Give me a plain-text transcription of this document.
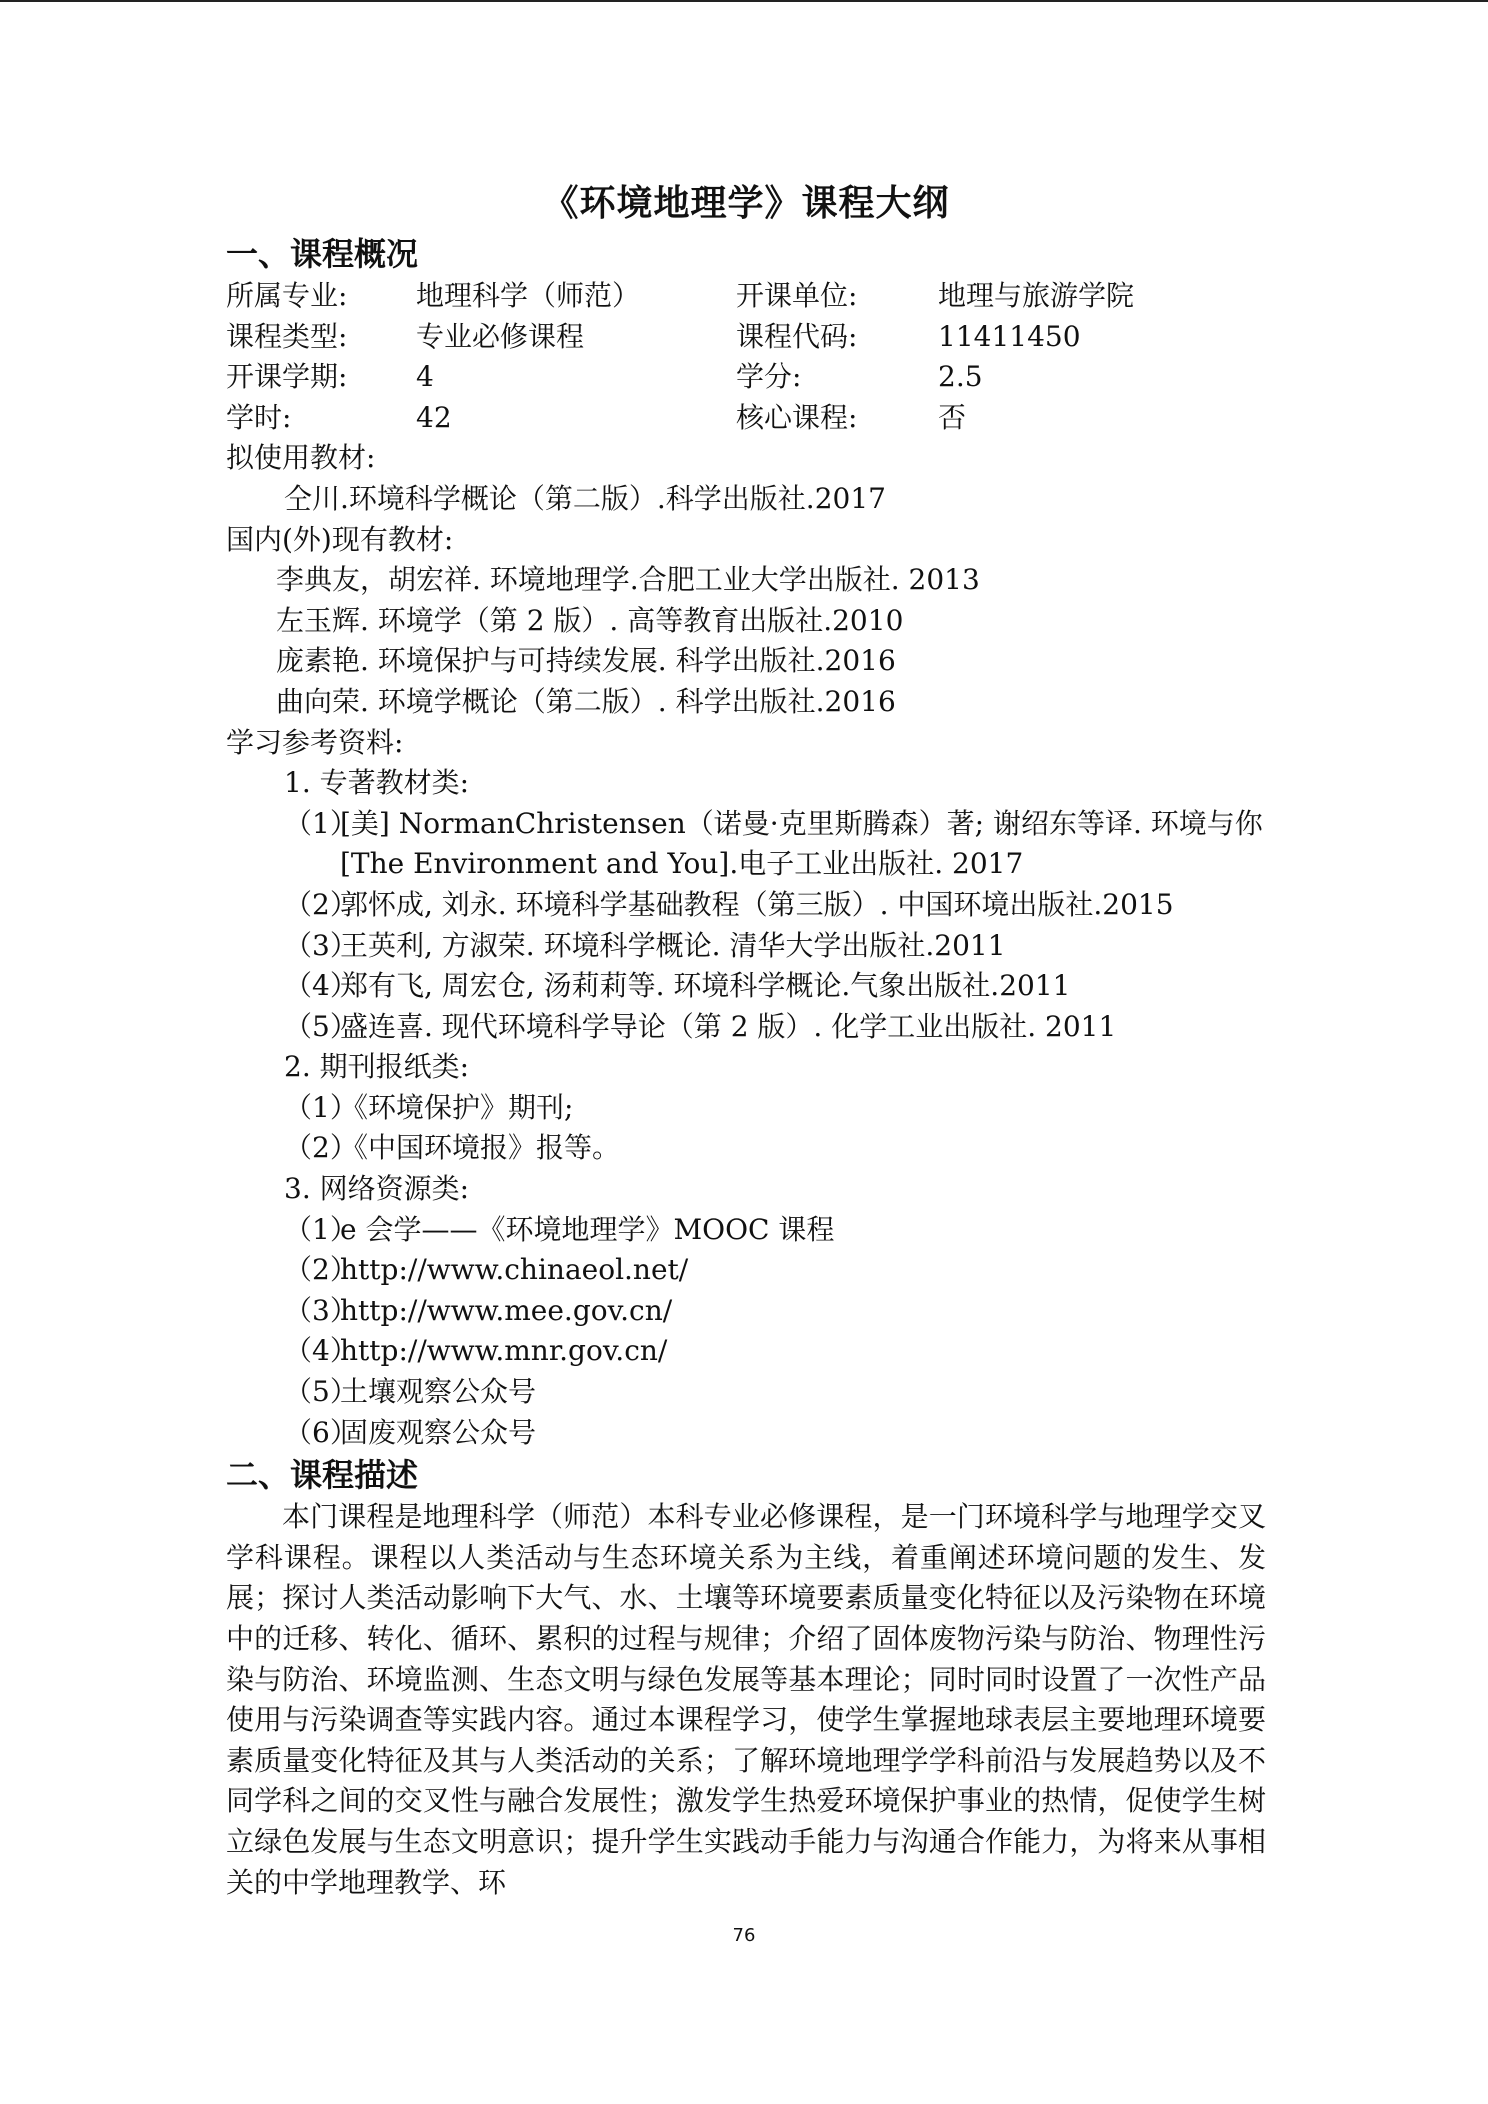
《环境地理学》课程大纲
一、课程概况
所属专业:	地理科学（师范）	开课单位:	地理与旅游学院
课程类型:	专业必修课程	课程代码:	11411450
开课学期:	4	学分:	2.5
学时:	42	核心课程:	否
拟使用教材:
仝川.环境科学概论（第二版）.科学出版社.2017
国内(外)现有教材:
李典友，胡宏祥. 环境地理学.合肥工业大学出版社. 2013
左玉辉. 环境学（第 2 版）. 高等教育出版社.2010
庞素艳. 环境保护与可持续发展. 科学出版社.2016
曲向荣. 环境学概论（第二版）. 科学出版社.2016
学习参考资料:
1. 专著教材类:
（1）
[美] NormanChristensen（诺曼·克里斯腾森）著; 谢绍东等译. 环境与你 [The Environment and You].电子工业出版社. 2017
（2）
郭怀成, 刘永. 环境科学基础教程（第三版）. 中国环境出版社.2015
（3）
王英利, 方淑荣. 环境科学概论. 清华大学出版社.2011
（4）
郑有飞, 周宏仓, 汤莉莉等. 环境科学概论.气象出版社.2011
（5）
盛连喜. 现代环境科学导论（第 2 版）. 化学工业出版社. 2011
2. 期刊报纸类:
（1）
《环境保护》期刊;
（2）
《中国环境报》报等。
3. 网络资源类:
（1）
e 会学——《环境地理学》MOOC 课程
（2）
http://www.chinaeol.net/
（3）
http://www.mee.gov.cn/
（4）
http://www.mnr.gov.cn/
（5）
土壤观察公众号
（6）
固废观察公众号
二、课程描述

本门课程是地理科学（师范）本科专业必修课程，是一门环境科学与地理学交叉学科课程。课程以人类活动与生态环境关系为主线，着重阐述环境问题的发生、发展；探讨人类活动影响下大气、水、土壤等环境要素质量变化特征以及污染物在环境中的迁移、转化、循环、累积的过程与规律；介绍了固体废物污染与防治、物理性污染与防治、环境监测、生态文明与绿色发展等基本理论；同时同时设置了一次性产品使用与污染调查等实践内容。通过本课程学习，使学生掌握地球表层主要地理环境要素质量变化特征及其与人类活动的关系；了解环境地理学学科前沿与发展趋势以及不同学科之间的交叉性与融合发展性；激发学生热爱环境保护事业的热情，促使学生树立绿色发展与生态文明意识；提升学生实践动手能力与沟通合作能力，为将来从事相关的中学地理教学、环

76
